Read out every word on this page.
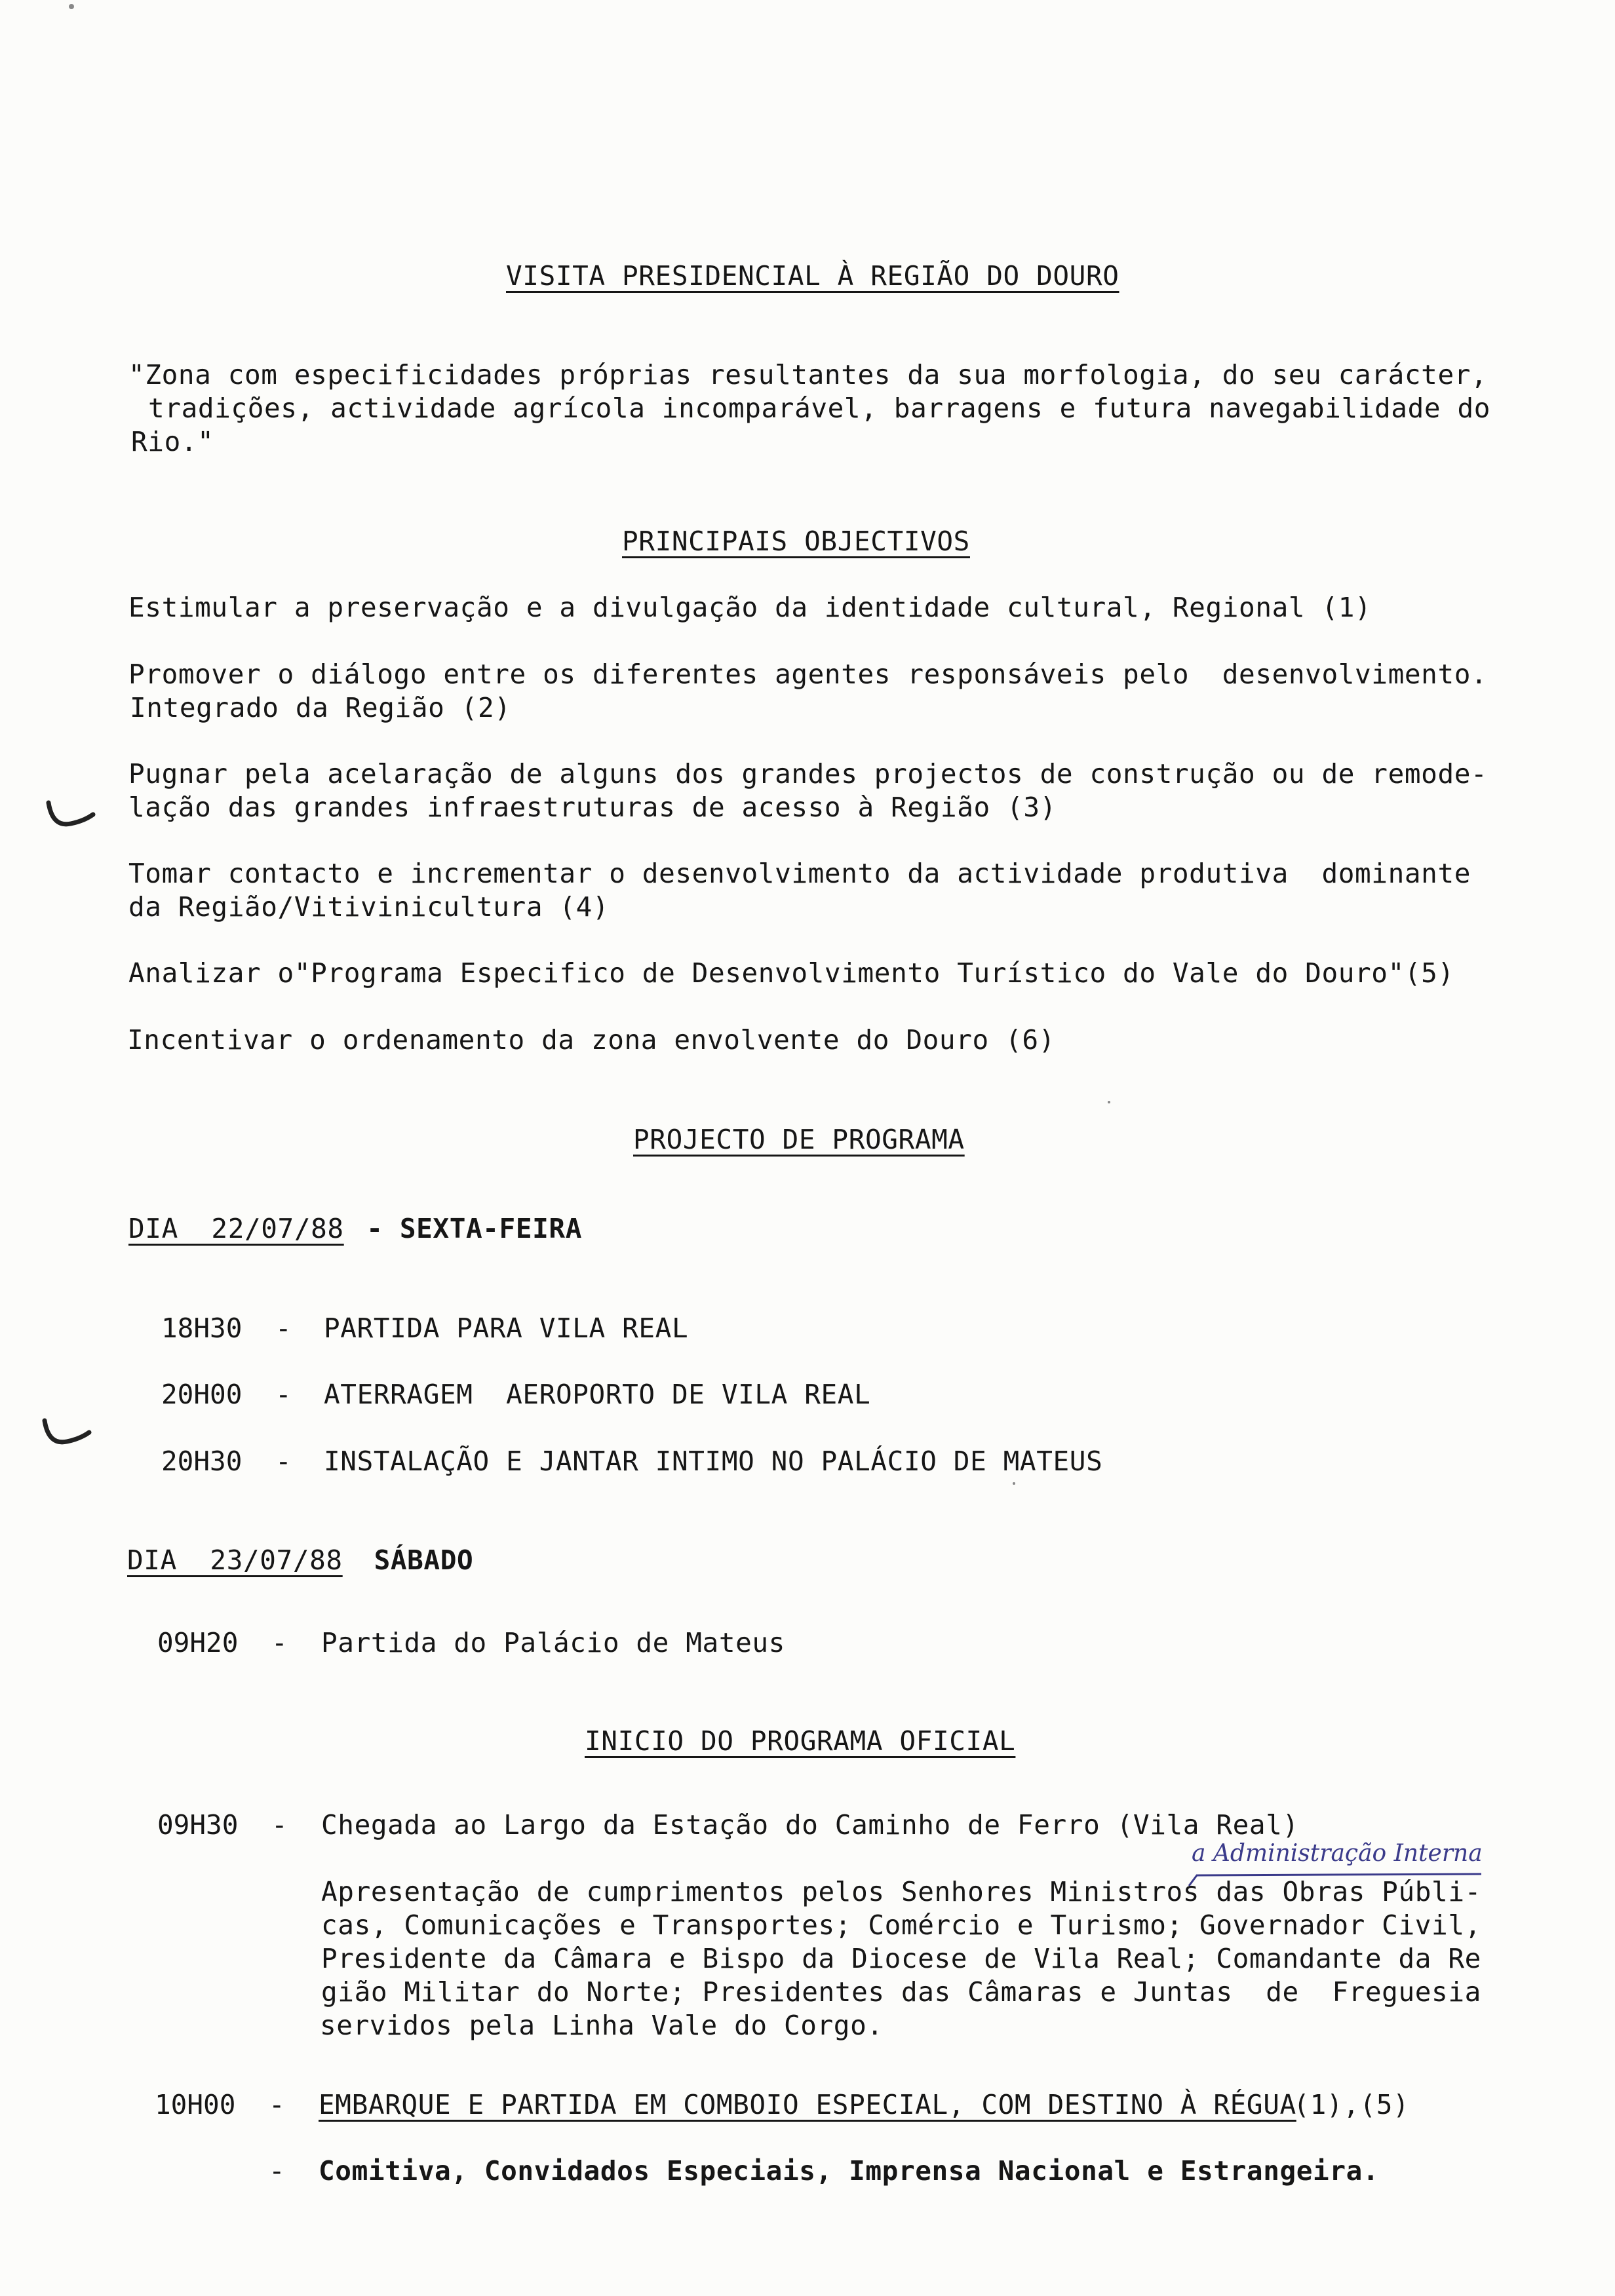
VISITA PRESIDENCIAL À REGIÃO DO DOURO
"Zona com especificidades próprias resultantes da sua morfologia, do seu carácter,
tradições, actividade agrícola incomparável, barragens e futura navegabilidade do
Rio."
PRINCIPAIS OBJECTIVOS
Estimular a preservação e a divulgação da identidade cultural, Regional (1)
Promover o diálogo entre os diferentes agentes responsáveis pelo  desenvolvimento.
Integrado da Região (2)
Pugnar pela acelaração de alguns dos grandes projectos de construção ou de remode-
lação das grandes infraestruturas de acesso à Região (3)
Tomar contacto e incrementar o desenvolvimento da actividade produtiva  dominante
da Região/Vitivinicultura (4)
Analizar o"Programa Especifico de Desenvolvimento Turístico do Vale do Douro"(5)
Incentivar o ordenamento da zona envolvente do Douro (6)
PROJECTO DE PROGRAMA
DIA  22/07/88 - SEXTA-FEIRA
18H30 - PARTIDA PARA VILA REAL
20H00 - ATERRAGEM  AEROPORTO DE VILA REAL
20H30 - INSTALAÇÃO E JANTAR INTIMO NO PALÁCIO DE MATEUS
DIA  23/07/88
SÁBADO
09H20 - Partida do Palácio de Mateus
INICIO DO PROGRAMA OFICIAL
09H30 - Chegada ao Largo da Estação do Caminho de Ferro (Vila Real)
a Administração Interna
Apresentação de cumprimentos pelos Senhores Ministros das Obras Públi-
cas, Comunicações e Transportes; Comércio e Turismo; Governador Civil,
Presidente da Câmara e Bispo da Diocese de Vila Real; Comandante da Re
gião Militar do Norte; Presidentes das Câmaras e Juntas  de  Freguesia
servidos pela Linha Vale do Corgo.
10H00 - EMBARQUE E PARTIDA EM COMBOIO ESPECIAL, COM DESTINO À RÉGUA
(1),(5)
- Comitiva, Convidados Especiais, Imprensa Nacional e Estrangeira.
